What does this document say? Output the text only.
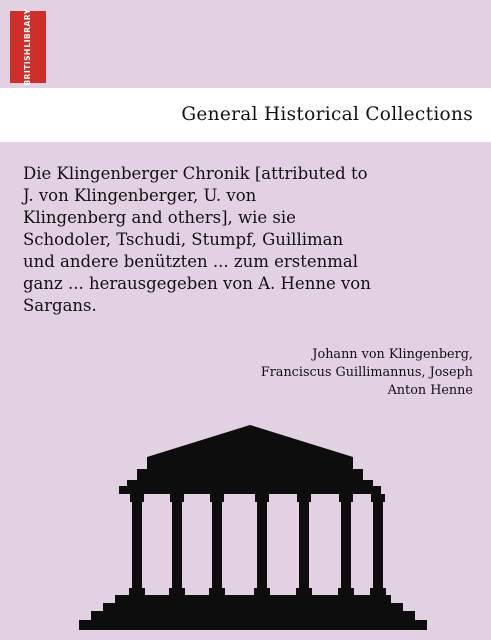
BRITISH
LIBRARY
General Historical Collections
Die Klingenberger Chronik [attributed to
J. von Klingenberger, U. von
Klingenberg and others], wie sie
Schodoler, Tschudi, Stumpf, Guilliman
und andere benützten ... zum erstenmal
ganz ... herausgegeben von A. Henne von
Sargans.
Johann von Klingenberg,
Franciscus Guillimannus, Joseph
Anton Henne
